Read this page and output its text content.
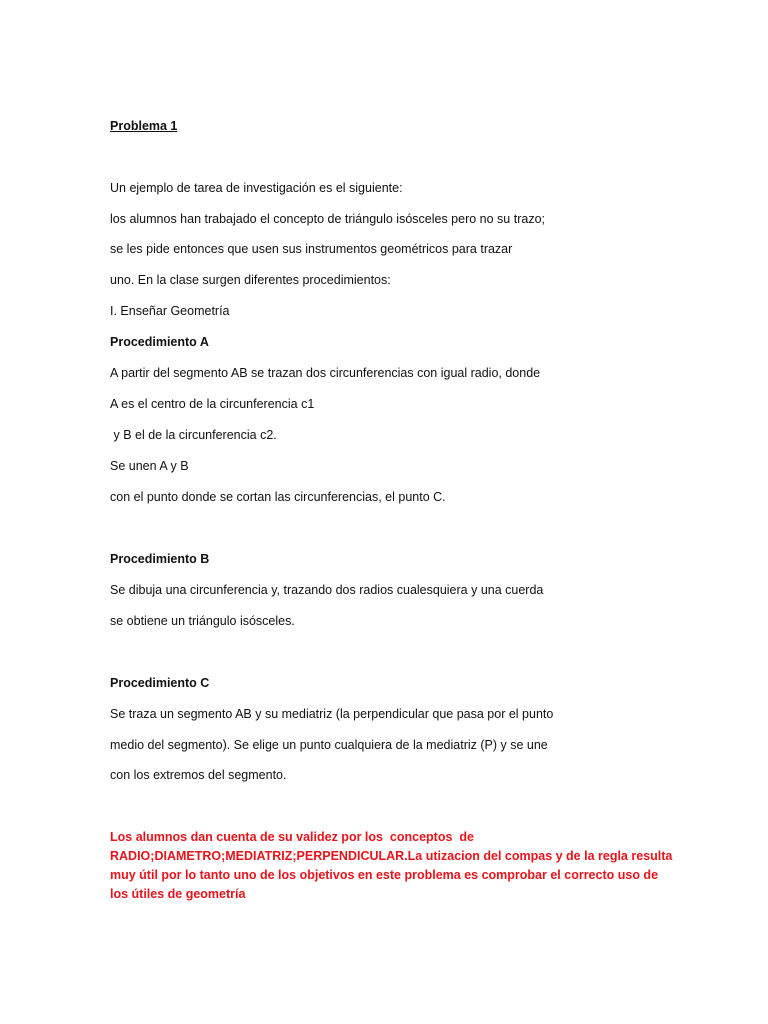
Problema 1
Un ejemplo de tarea de investigación es el siguiente:
los alumnos han trabajado el concepto de triángulo isósceles pero no su trazo;
se les pide entonces que usen sus instrumentos geométricos para trazar
uno. En la clase surgen diferentes procedimientos:
I. Enseñar Geometría
Procedimiento A
A partir del segmento AB se trazan dos circunferencias con igual radio, donde
A es el centro de la circunferencia c1
y B el de la circunferencia c2.
Se unen A y B
con el punto donde se cortan las circunferencias, el punto C.
Procedimiento B
Se dibuja una circunferencia y, trazando dos radios cualesquiera y una cuerda
se obtiene un triángulo isósceles.
Procedimiento C
Se traza un segmento AB y su mediatriz (la perpendicular que pasa por el punto
medio del segmento). Se elige un punto cualquiera de la mediatriz (P) y se une
con los extremos del segmento.
Los alumnos dan cuenta de su validez por los  conceptos  de
RADIO;DIAMETRO;MEDIATRIZ;PERPENDICULAR.La utizacion del compas y de la regla resulta
muy útil por lo tanto uno de los objetivos en este problema es comprobar el correcto uso de
los útiles de geometría
